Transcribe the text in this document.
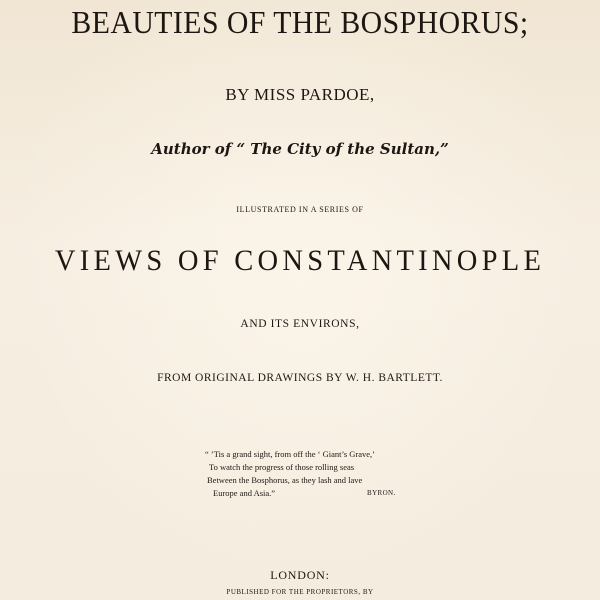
BEAUTIES OF THE BOSPHORUS;
BY MISS PARDOE,
Author of “ The City of the Sultan,”
ILLUSTRATED IN A SERIES OF
VIEWS OF CONSTANTINOPLE
AND ITS ENVIRONS,
FROM ORIGINAL DRAWINGS BY W. H. BARTLETT.
“ ’Tis a grand sight, from off the ‘ Giant’s Grave,’
To watch the progress of those rolling seas
Between the Bosphorus, as they lash and lave
Europe and Asia.”	BYRON.
LONDON:
PUBLISHED FOR THE PROPRIETORS, BY
